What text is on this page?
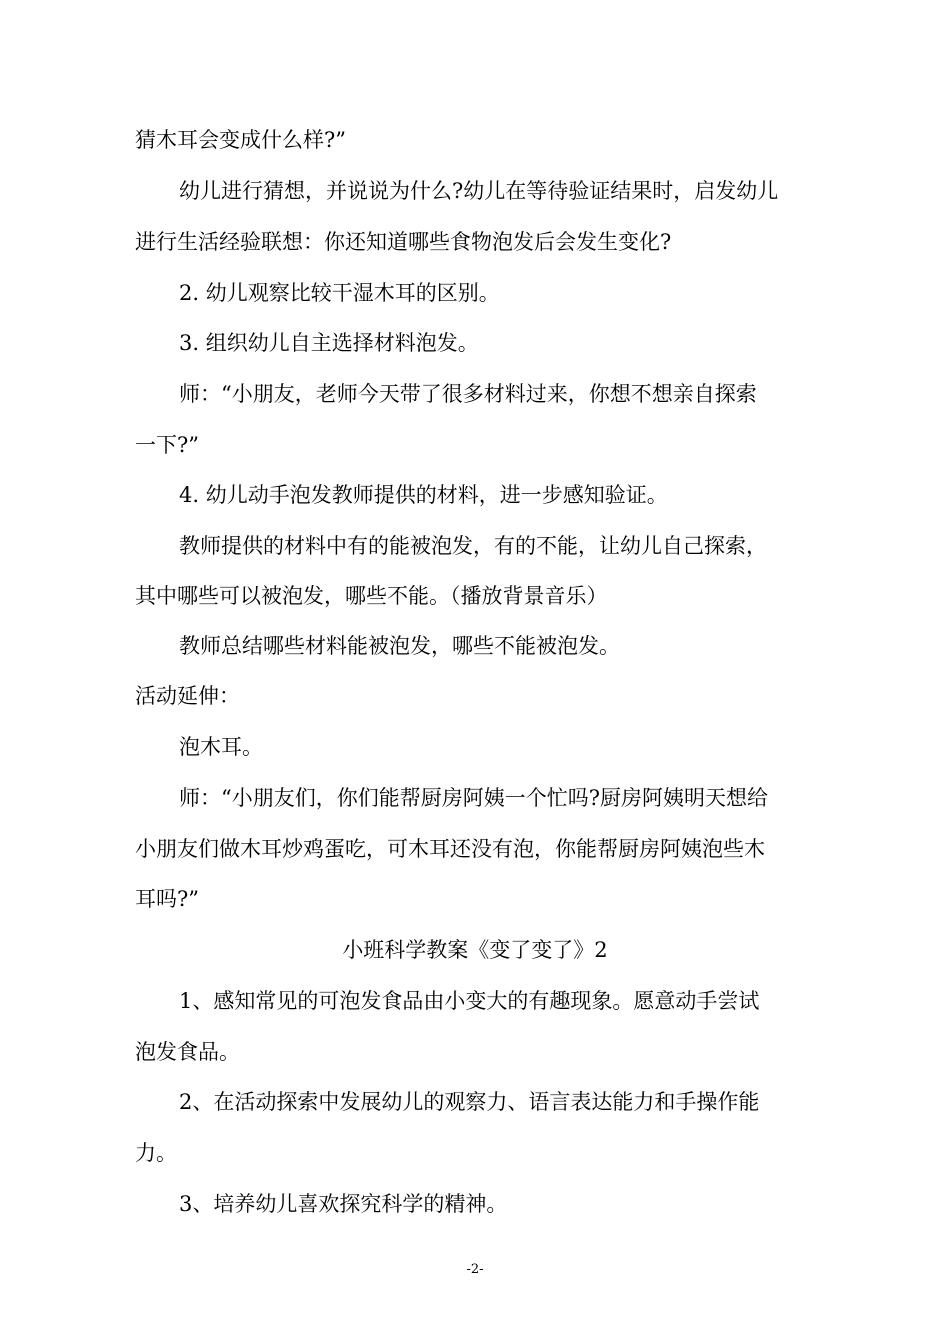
猜木耳会变成什么样?”
幼儿进行猜想，并说说为什么?幼儿在等待验证结果时，启发幼儿
进行生活经验联想：你还知道哪些食物泡发后会发生变化?
2. 幼儿观察比较干湿木耳的区别。
3. 组织幼儿自主选择材料泡发。
师：“小朋友，老师今天带了很多材料过来，你想不想亲自探索
一下?”
4. 幼儿动手泡发教师提供的材料，进一步感知验证。
教师提供的材料中有的能被泡发，有的不能，让幼儿自己探索，
其中哪些可以被泡发，哪些不能。（播放背景音乐）
教师总结哪些材料能被泡发，哪些不能被泡发。
活动延伸：
泡木耳。
师：“小朋友们，你们能帮厨房阿姨一个忙吗?厨房阿姨明天想给
小朋友们做木耳炒鸡蛋吃，可木耳还没有泡，你能帮厨房阿姨泡些木
耳吗?”
小班科学教案《变了变了》2
1、感知常见的可泡发食品由小变大的有趣现象。愿意动手尝试
泡发食品。
2、在活动探索中发展幼儿的观察力、语言表达能力和手操作能
力。
3、培养幼儿喜欢探究科学的精神。
-2-
